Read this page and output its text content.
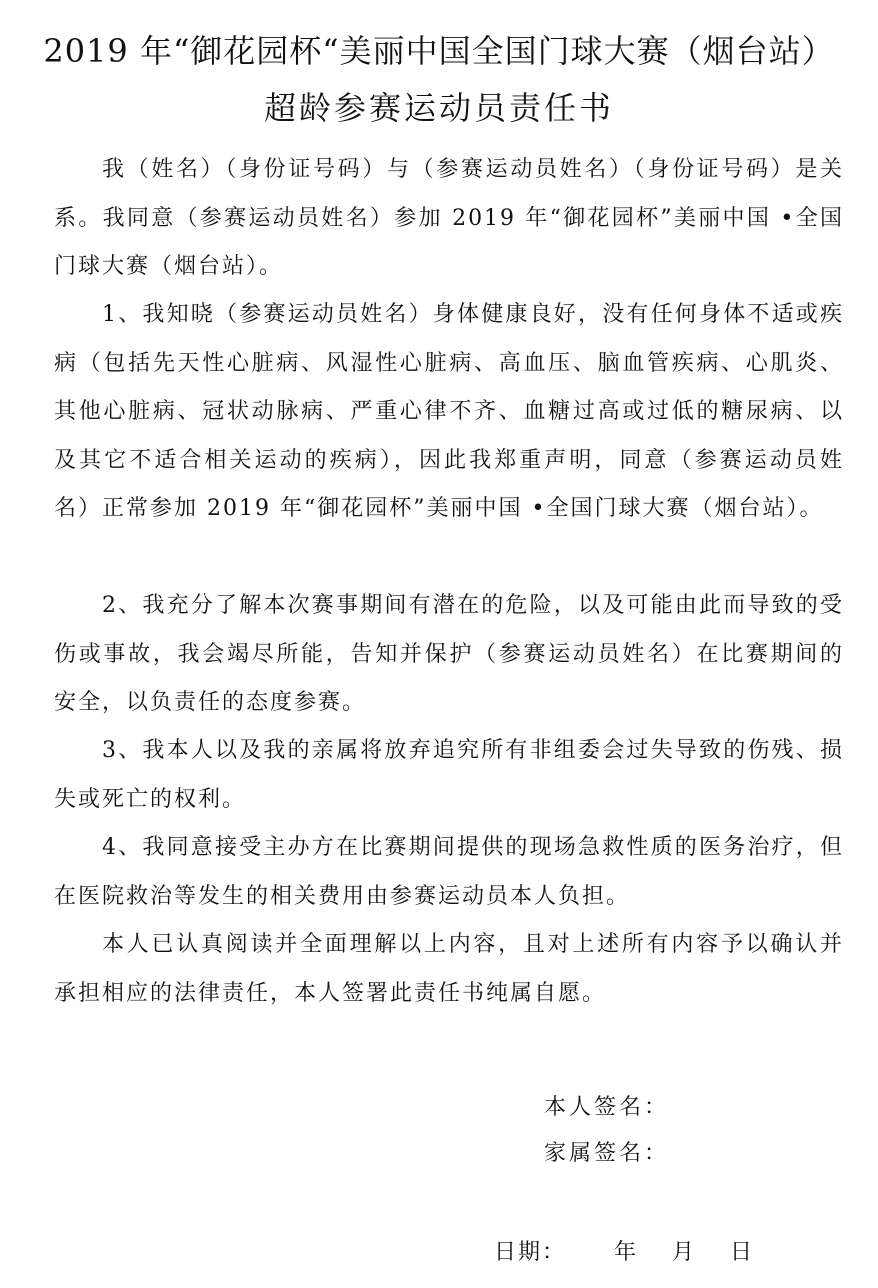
2019 年“御花园杯“美丽中国全国门球大赛（烟台站）
超龄参赛运动员责任书

我（姓名）（身份证号码）与（参赛运动员姓名）（身份证号码）是关系。我同意（参赛运动员姓名）参加 2019 年“御花园杯”美丽中国 •全国门球大赛（烟台站）。

1、我知晓（参赛运动员姓名）身体健康良好，没有任何身体不适或疾病（包括先天性心脏病、风湿性心脏病、高血压、脑血管疾病、心肌炎、其他心脏病、冠状动脉病、严重心律不齐、血糖过高或过低的糖尿病、以及其它不适合相关运动的疾病），因此我郑重声明，同意（参赛运动员姓名）正常参加 2019 年“御花园杯”美丽中国 •全国门球大赛（烟台站）。

2、我充分了解本次赛事期间有潜在的危险，以及可能由此而导致的受伤或事故，我会竭尽所能，告知并保护（参赛运动员姓名）在比赛期间的安全，以负责任的态度参赛。

3、我本人以及我的亲属将放弃追究所有非组委会过失导致的伤残、损失或死亡的权利。

4、我同意接受主办方在比赛期间提供的现场急救性质的医务治疗，但在医院救治等发生的相关费用由参赛运动员本人负担。

本人已认真阅读并全面理解以上内容，且对上述所有内容予以确认并承担相应的法律责任，本人签署此责任书纯属自愿。

本人签名：
家属签名：
日期： 年 月 日
